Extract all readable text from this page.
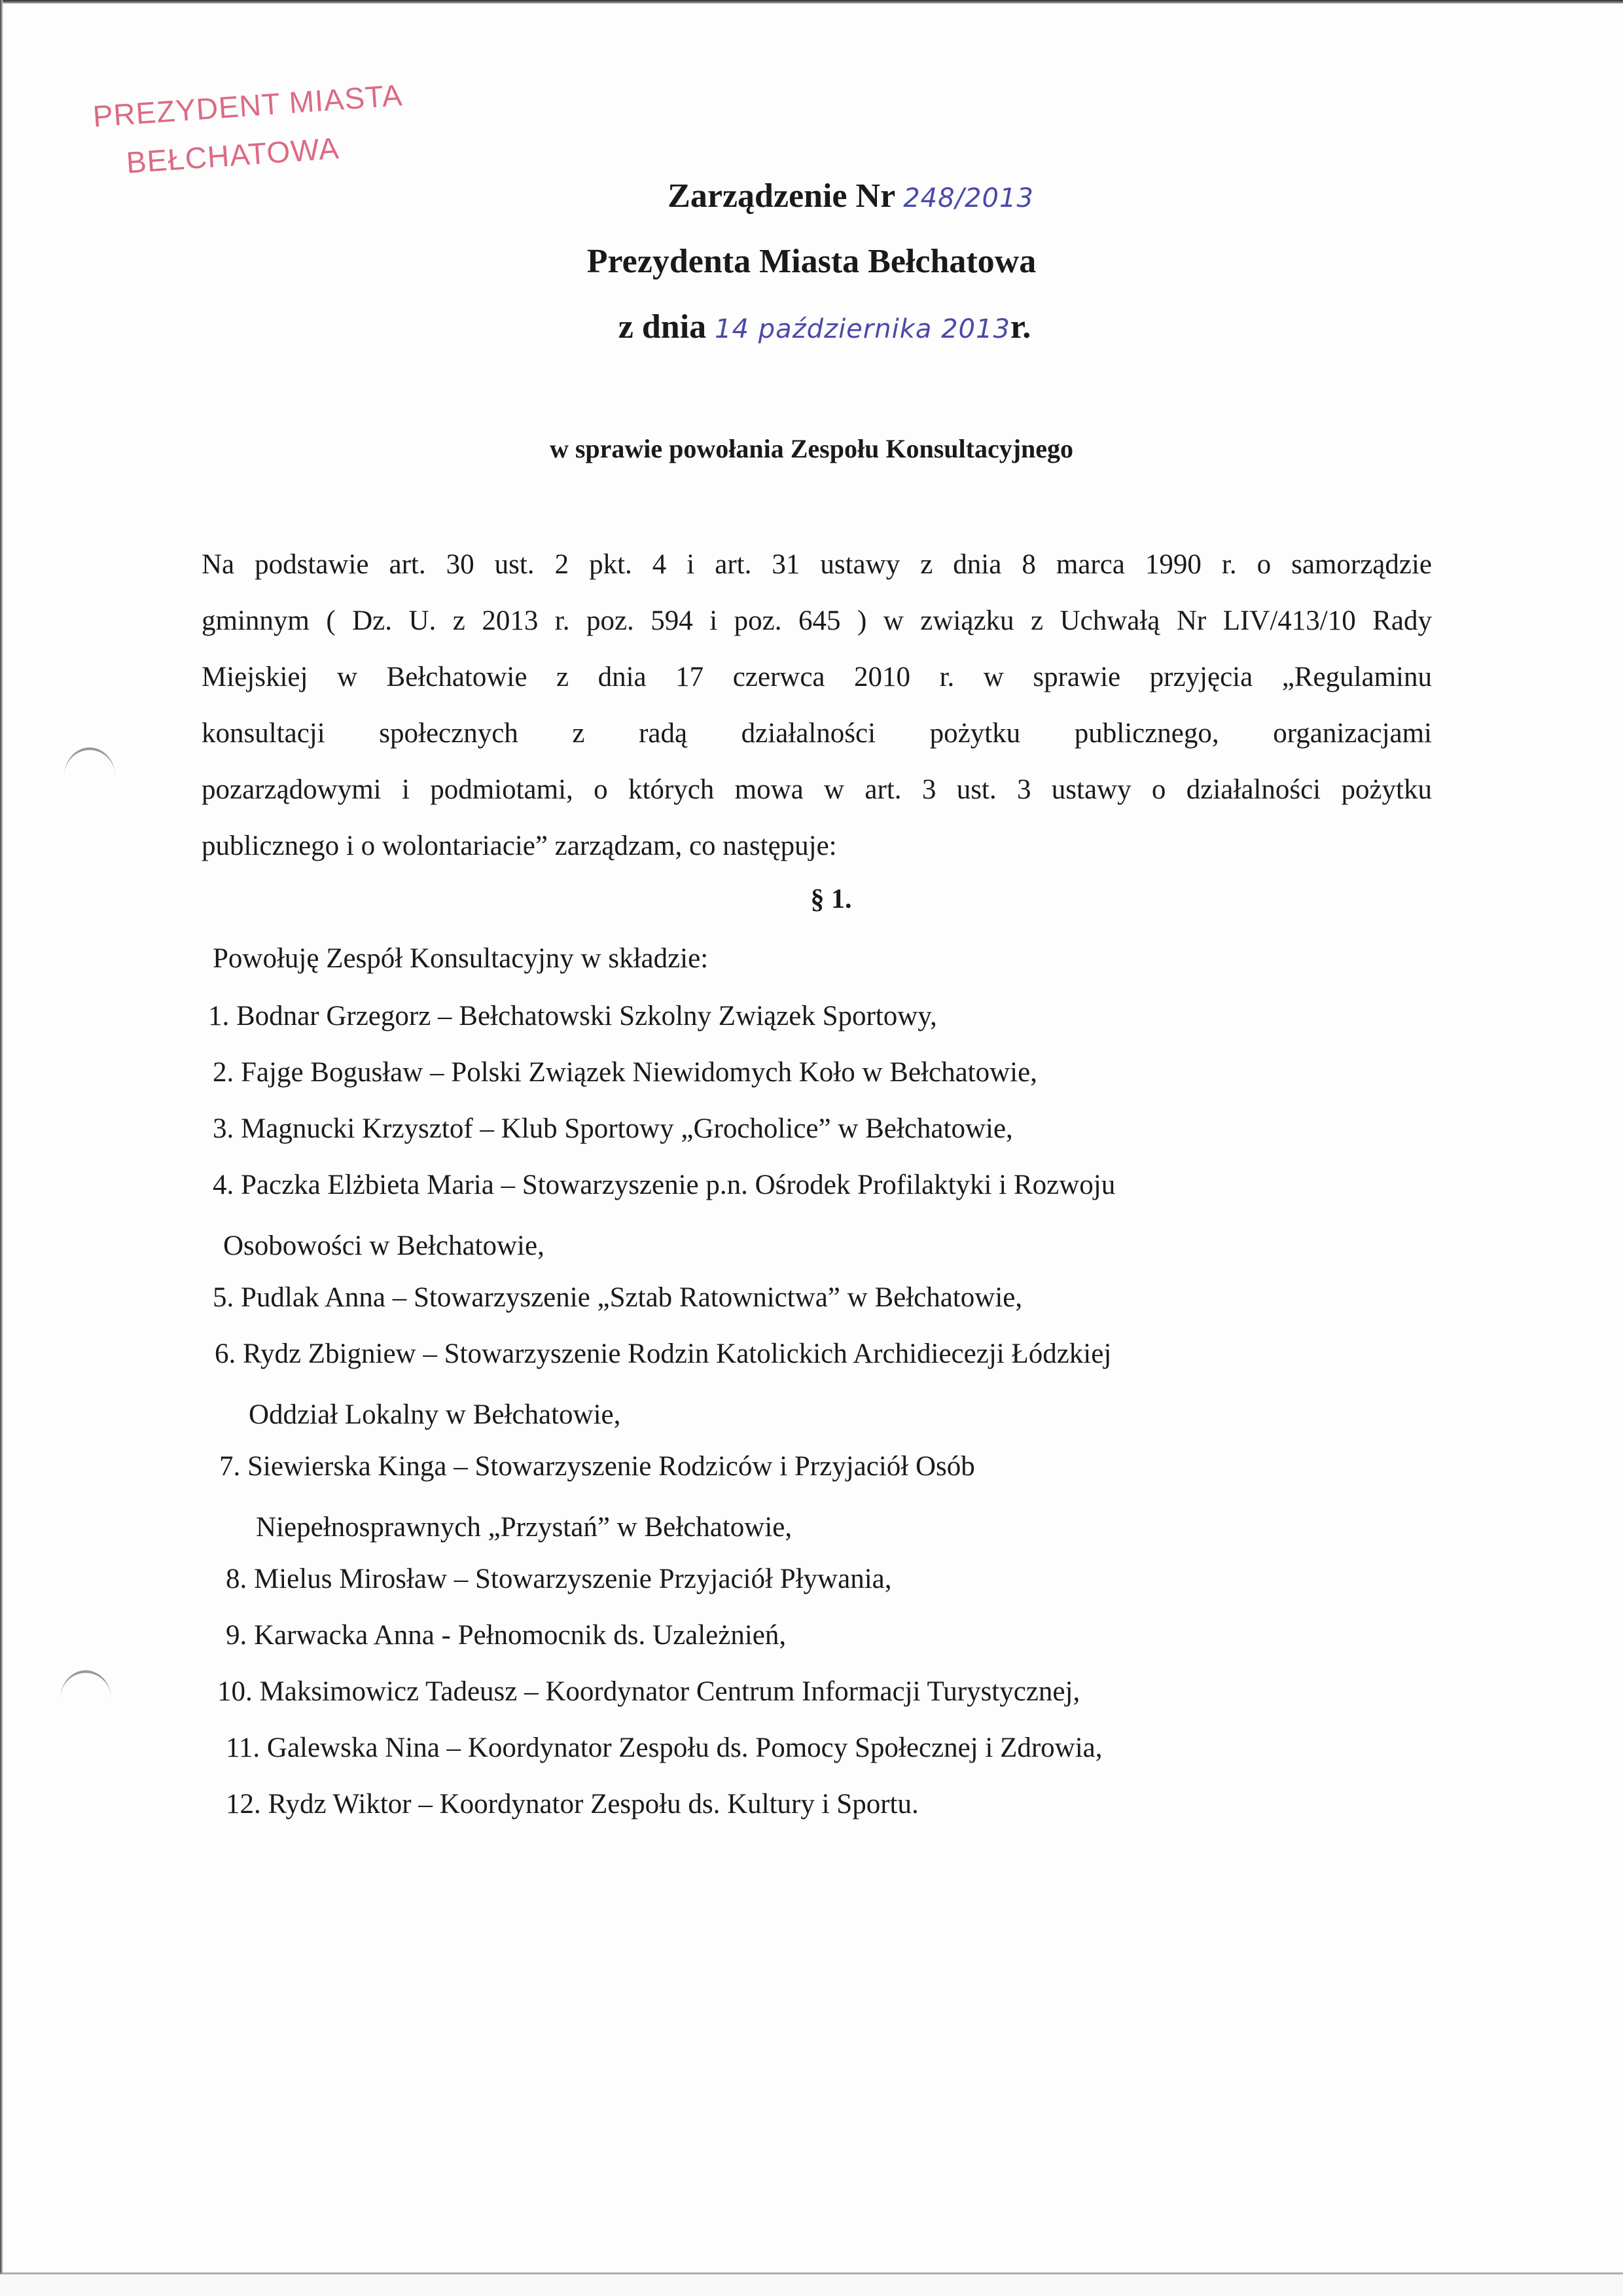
PREZYDENT MIASTA
BEŁCHATOWA
Zarządzenie Nr 248/2013
Prezydenta Miasta Bełchatowa
z dnia 14 października 2013r.
w sprawie powołania Zespołu Konsultacyjnego
Na podstawie art. 30 ust. 2 pkt. 4 i art. 31 ustawy z dnia 8 marca 1990 r. o samorządzie
gminnym ( Dz. U. z 2013 r. poz. 594 i poz. 645 ) w związku z Uchwałą Nr LIV/413/10 Rady
Miejskiej w Bełchatowie z dnia 17 czerwca 2010 r. w sprawie przyjęcia „Regulaminu
konsultacji społecznych z radą działalności pożytku publicznego, organizacjami
pozarządowymi i podmiotami, o których mowa w art. 3 ust. 3 ustawy o działalności pożytku
publicznego i o wolontariacie” zarządzam, co następuje:
§ 1.
Powołuję Zespół Konsultacyjny w składzie:
1. Bodnar Grzegorz – Bełchatowski Szkolny Związek Sportowy,
2. Fajge Bogusław – Polski Związek Niewidomych Koło w Bełchatowie,
3. Magnucki Krzysztof – Klub Sportowy „Grocholice” w Bełchatowie,
4. Paczka Elżbieta Maria – Stowarzyszenie p.n. Ośrodek Profilaktyki i Rozwoju
Osobowości w Bełchatowie,
5. Pudlak Anna – Stowarzyszenie „Sztab Ratownictwa” w Bełchatowie,
6. Rydz Zbigniew – Stowarzyszenie Rodzin Katolickich Archidiecezji Łódzkiej
Oddział Lokalny w Bełchatowie,
7. Siewierska Kinga – Stowarzyszenie Rodziców i Przyjaciół Osób
Niepełnosprawnych „Przystań” w Bełchatowie,
8. Mielus Mirosław – Stowarzyszenie Przyjaciół Pływania,
9. Karwacka Anna - Pełnomocnik ds. Uzależnień,
10. Maksimowicz Tadeusz – Koordynator Centrum Informacji Turystycznej,
11. Galewska Nina – Koordynator Zespołu ds. Pomocy Społecznej i Zdrowia,
12. Rydz Wiktor – Koordynator Zespołu ds. Kultury i Sportu.
